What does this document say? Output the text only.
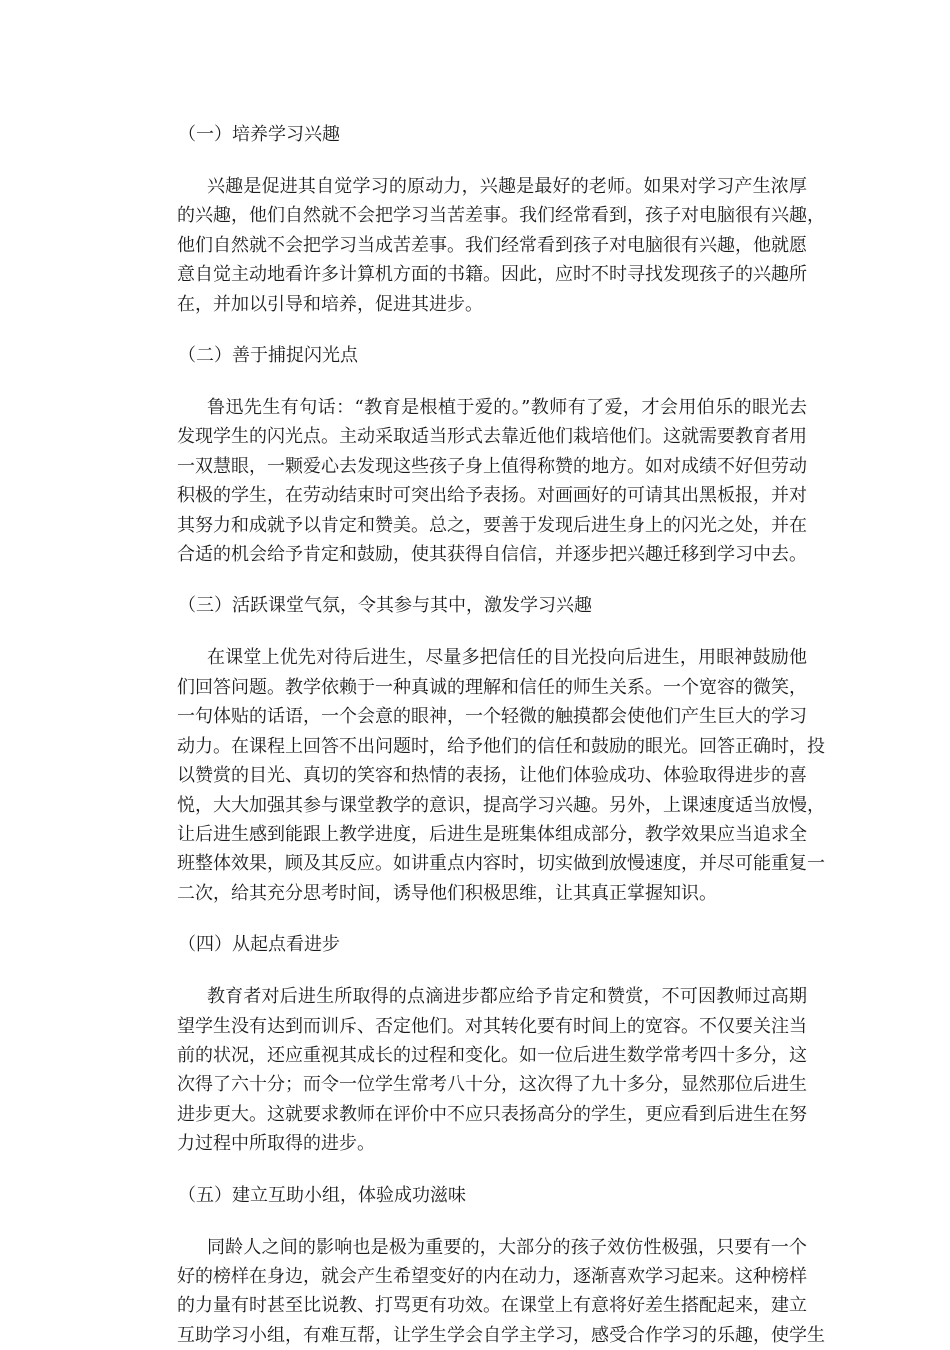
（一）培养学习兴趣
兴趣是促进其自觉学习的原动力，兴趣是最好的老师。如果对学习产生浓厚
的兴趣，他们自然就不会把学习当苦差事。我们经常看到，孩子对电脑很有兴趣，
他们自然就不会把学习当成苦差事。我们经常看到孩子对电脑很有兴趣，他就愿
意自觉主动地看许多计算机方面的书籍。因此，应时不时寻找发现孩子的兴趣所
在，并加以引导和培养，促进其进步。
（二）善于捕捉闪光点
鲁迅先生有句话：“教育是根植于爱的。”教师有了爱，才会用伯乐的眼光去
发现学生的闪光点。主动采取适当形式去靠近他们栽培他们。这就需要教育者用
一双慧眼，一颗爱心去发现这些孩子身上值得称赞的地方。如对成绩不好但劳动
积极的学生，在劳动结束时可突出给予表扬。对画画好的可请其出黑板报，并对
其努力和成就予以肯定和赞美。总之，要善于发现后进生身上的闪光之处，并在
合适的机会给予肯定和鼓励，使其获得自信信，并逐步把兴趣迁移到学习中去。
（三）活跃课堂气氛，令其参与其中，激发学习兴趣
在课堂上优先对待后进生，尽量多把信任的目光投向后进生，用眼神鼓励他
们回答问题。教学依赖于一种真诚的理解和信任的师生关系。一个宽容的微笑，
一句体贴的话语，一个会意的眼神，一个轻微的触摸都会使他们产生巨大的学习
动力。在课程上回答不出问题时，给予他们的信任和鼓励的眼光。回答正确时，投
以赞赏的目光、真切的笑容和热情的表扬，让他们体验成功、体验取得进步的喜
悦，大大加强其参与课堂教学的意识，提高学习兴趣。另外，上课速度适当放慢，
让后进生感到能跟上教学进度，后进生是班集体组成部分，教学效果应当追求全
班整体效果，顾及其反应。如讲重点内容时，切实做到放慢速度，并尽可能重复一
二次，给其充分思考时间，诱导他们积极思维，让其真正掌握知识。
（四）从起点看进步
教育者对后进生所取得的点滴进步都应给予肯定和赞赏，不可因教师过高期
望学生没有达到而训斥、否定他们。对其转化要有时间上的宽容。不仅要关注当
前的状况，还应重视其成长的过程和变化。如一位后进生数学常考四十多分，这
次得了六十分；而令一位学生常考八十分，这次得了九十多分，显然那位后进生
进步更大。这就要求教师在评价中不应只表扬高分的学生，更应看到后进生在努
力过程中所取得的进步。
（五）建立互助小组，体验成功滋味
同龄人之间的影响也是极为重要的，大部分的孩子效仿性极强，只要有一个
好的榜样在身边，就会产生希望变好的内在动力，逐渐喜欢学习起来。这种榜样
的力量有时甚至比说教、打骂更有功效。在课堂上有意将好差生搭配起来，建立
互助学习小组，有难互帮，让学生学会自学主学习，感受合作学习的乐趣，使学生
